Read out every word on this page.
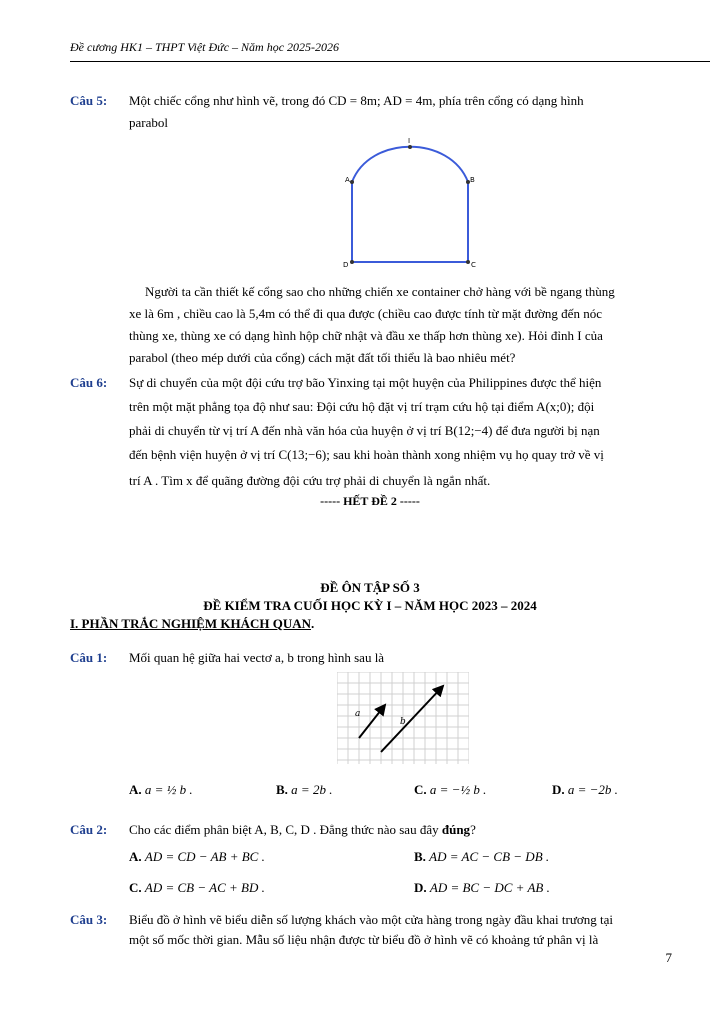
Đề cương HK1 – THPT Việt Đức – Năm học 2025-2026
Câu 5: Một chiếc cổng như hình vẽ, trong đó CD = 8m; AD = 4m, phía trên cổng có dạng hình
parabol
I
A	B
D	C
Người ta cần thiết kế cổng sao cho những chiến xe container chở hàng với bề ngang thùng
xe là 6m , chiều cao là 5,4m có thể đi qua được (chiều cao được tính từ mặt đường đến nóc
thùng xe, thùng xe có dạng hình hộp chữ nhật và đầu xe thấp hơn thùng xe). Hỏi đỉnh I của
parabol (theo mép dưới của cổng) cách mặt đất tối thiểu là bao nhiêu mét?
Câu 6: Sự di chuyển của một đội cứu trợ bão Yinxing tại một huyện của Philippines được thể hiện
trên một mặt phẳng tọa độ như sau: Đội cứu hộ đặt vị trí trạm cứu hộ tại điểm A(x;0); đội
phải di chuyển từ vị trí A đến nhà văn hóa của huyện ở vị trí B(12;−4) để đưa người bị nạn
đến bệnh viện huyện ở vị trí C(13;−6); sau khi hoàn thành xong nhiệm vụ họ quay trở về vị
trí A . Tìm x để quãng đường đội cứu trợ phải di chuyển là ngắn nhất.
----- HẾT ĐỀ 2 -----
ĐỀ ÔN TẬP SỐ 3
ĐỀ KIỂM TRA CUỐI HỌC KỲ I – NĂM HỌC 2023 – 2024
I. PHẦN TRẮC NGHIỆM KHÁCH QUAN.
Câu 1: Mối quan hệ giữa hai vectơ a, b trong hình sau là
a
b
A. a = ½ b .	B. a = 2b .	C. a = −½ b .	D. a = −2b .
Câu 2: Cho các điểm phân biệt A, B, C, D . Đẳng thức nào sau đây đúng?
A. AD = CD − AB + BC .	B. AD = AC − CB − DB .
C. AD = CB − AC + BD .	D. AD = BC − DC + AB .
Câu 3: Biểu đồ ở hình vẽ biểu diễn số lượng khách vào một cửa hàng trong ngày đầu khai trương tại
một số mốc thời gian. Mẫu số liệu nhận được từ biểu đồ ở hình vẽ có khoảng tứ phân vị là
7
